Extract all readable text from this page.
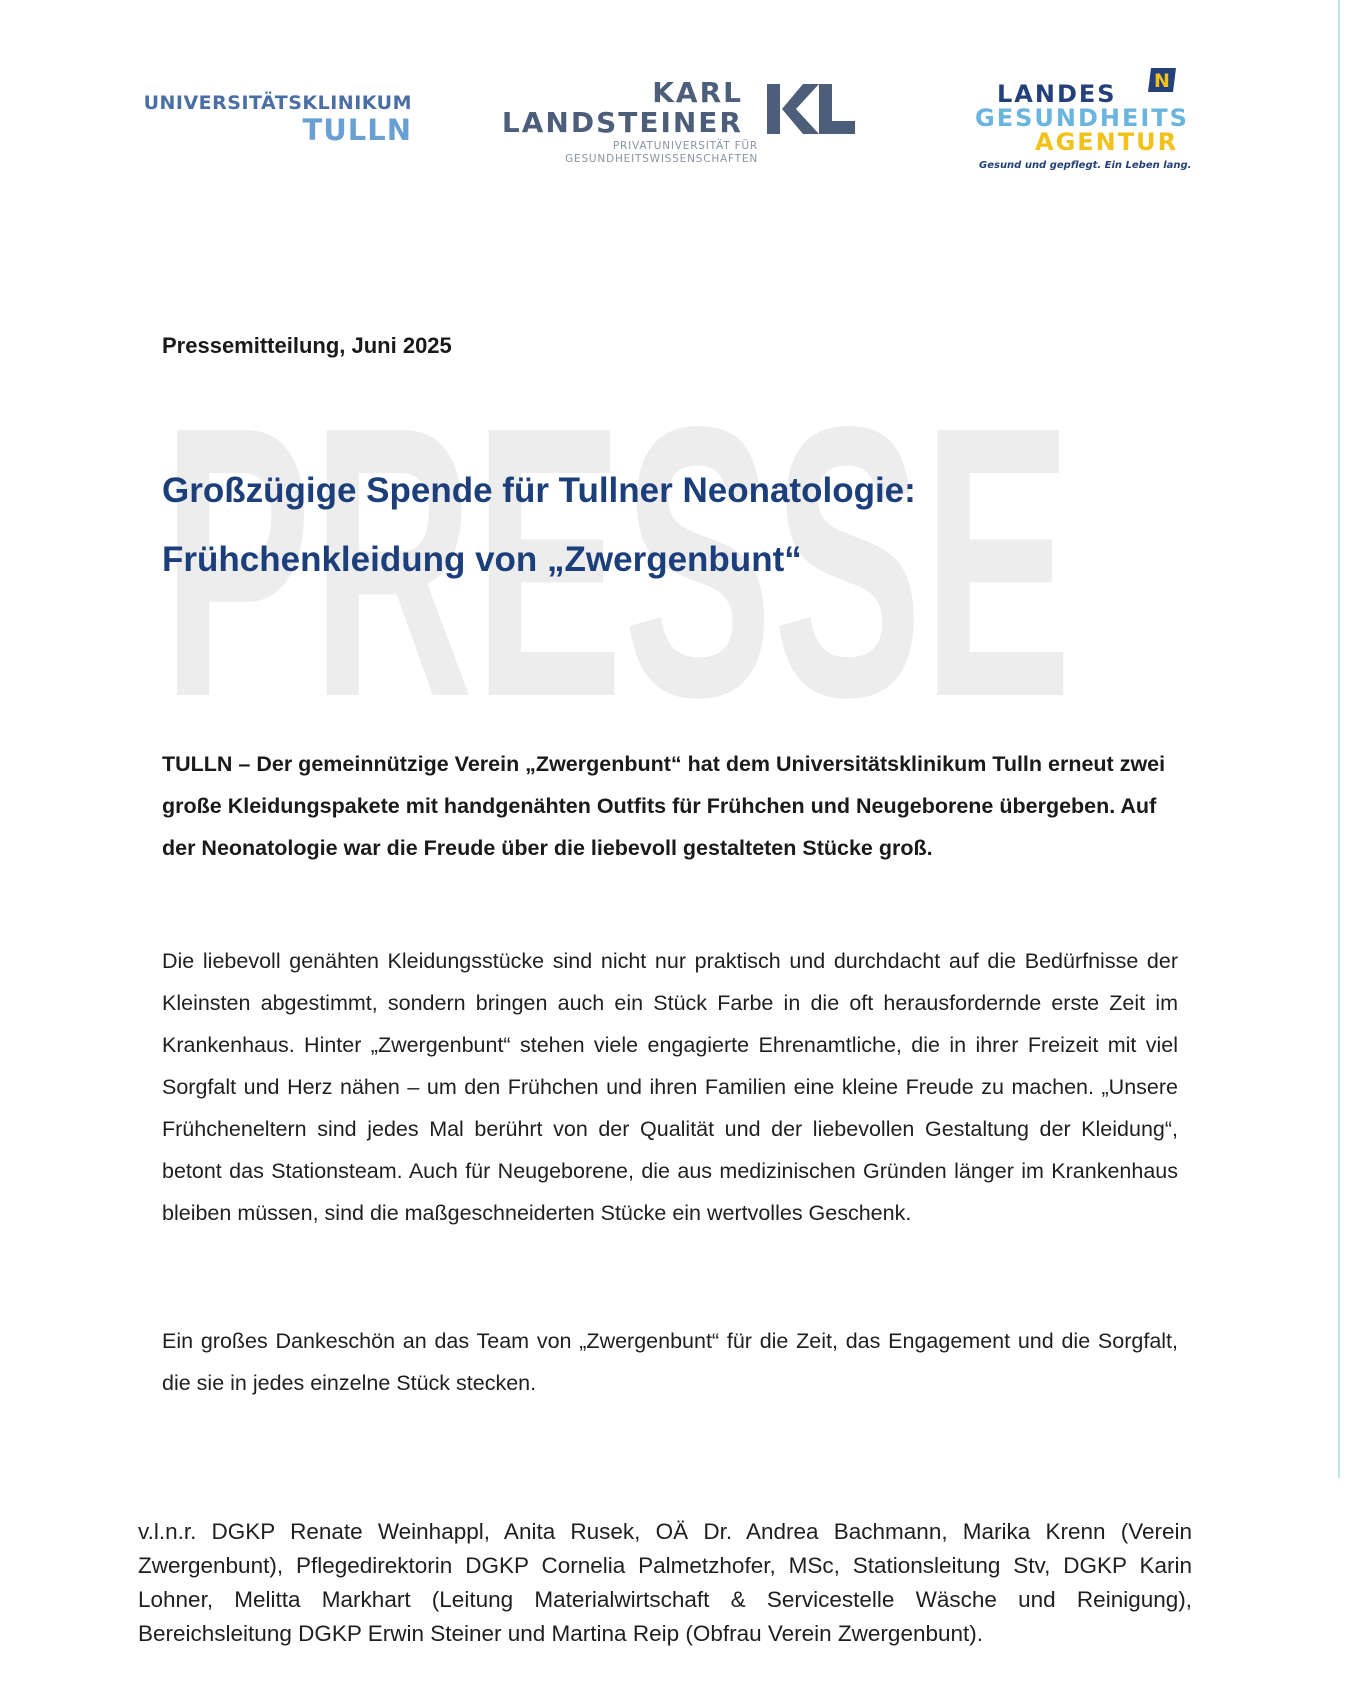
UNIVERSITÄTSKLINIKUM
TULLN
KARL
LANDSTEINER
PRIVATUNIVERSITÄT FÜR
GESUNDHEITSWISSENSCHAFTEN
LANDES
GESUNDHEITS
AGENTUR
N
Gesund und gepflegt. Ein Leben lang.
PRESSE
Pressemitteilung, Juni 2025
Großzügige Spende für Tullner Neonatologie:
Frühchenkleidung von „Zwergenbunt“
TULLN – Der gemeinnützige Verein „Zwergenbunt“ hat dem Universitätsklinikum Tulln erneut zwei große Kleidungspakete mit handgenähten Outfits für Frühchen und Neugeborene übergeben. Auf der Neonatologie war die Freude über die liebevoll gestalteten Stücke groß.
Die liebevoll genähten Kleidungsstücke sind nicht nur praktisch und durchdacht auf die Bedürfnisse der Kleinsten abgestimmt, sondern bringen auch ein Stück Farbe in die oft herausfordernde erste Zeit im Krankenhaus. Hinter „Zwergenbunt“ stehen viele engagierte Ehrenamtliche, die in ihrer Freizeit mit viel Sorgfalt und Herz nähen – um den Frühchen und ihren Familien eine kleine Freude zu machen. „Unsere Frühcheneltern sind jedes Mal berührt von der Qualität und der liebevollen Gestaltung der Kleidung“, betont das Stationsteam. Auch für Neugeborene, die aus medizinischen Gründen länger im Krankenhaus bleiben müssen, sind die maßgeschneiderten Stücke ein wertvolles Geschenk.
Ein großes Dankeschön an das Team von „Zwergenbunt“ für die Zeit, das Engagement und die Sorgfalt, die sie in jedes einzelne Stück stecken.
v.l.n.r. DGKP Renate Weinhappl, Anita Rusek, OÄ Dr. Andrea Bachmann, Marika Krenn (Verein Zwergenbunt), Pflegedirektorin DGKP Cornelia Palmetzhofer, MSc, Stationsleitung Stv, DGKP Karin Lohner, Melitta Markhart (Leitung Materialwirtschaft & Servicestelle Wäsche und Reinigung), Bereichsleitung DGKP Erwin Steiner und Martina Reip (Obfrau Verein Zwergenbunt).
